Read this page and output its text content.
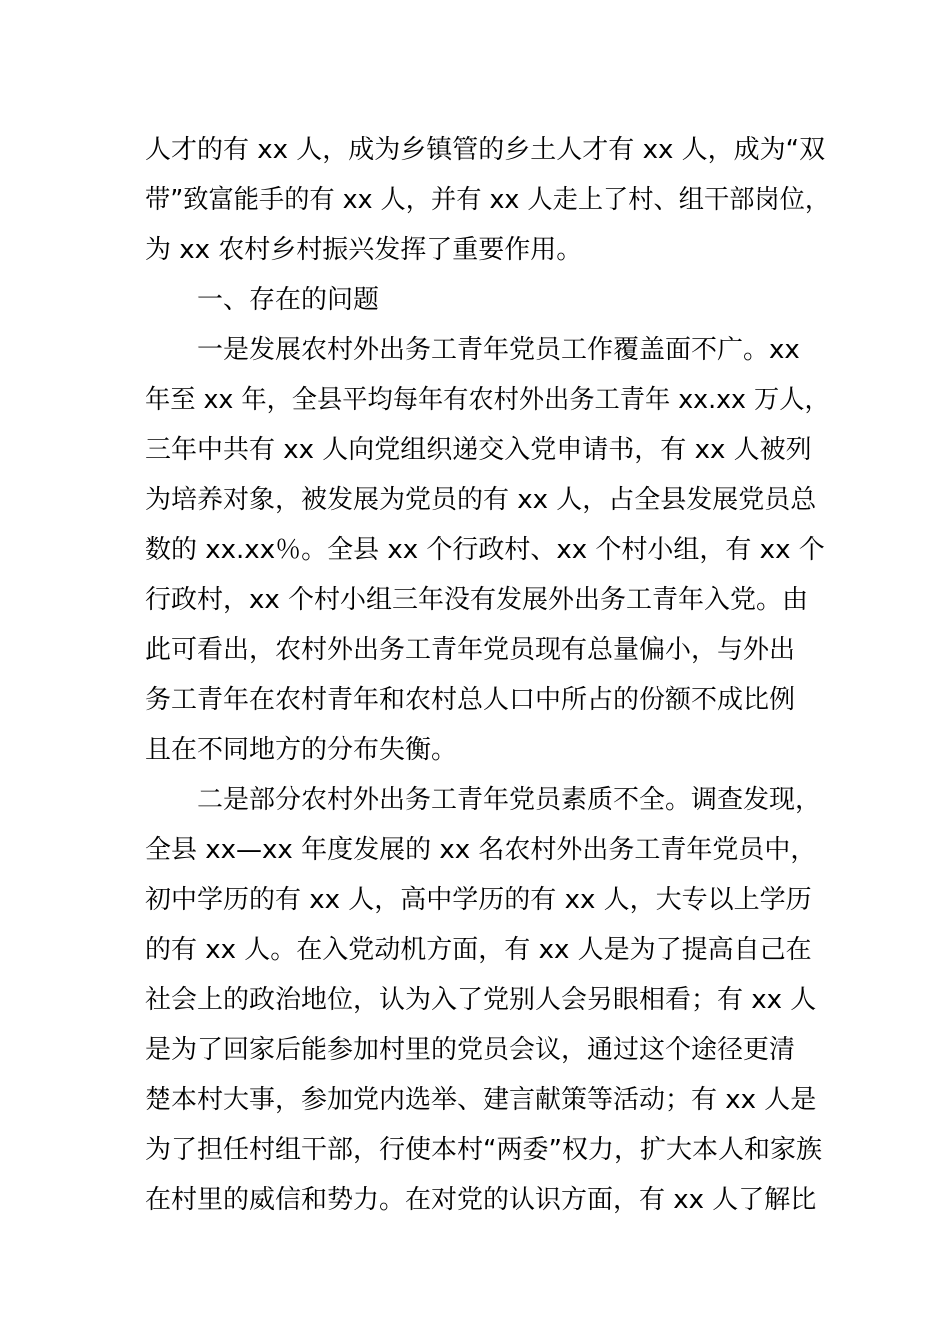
人才的有 xx 人，成为乡镇管的乡土人才有 xx 人，成为“双
带”致富能手的有 xx 人，并有 xx 人走上了村、组干部岗位，
为 xx 农村乡村振兴发挥了重要作用。
一、存在的问题
一是发展农村外出务工青年党员工作覆盖面不广。xx
年至 xx 年，全县平均每年有农村外出务工青年 xx.xx 万人，
三年中共有 xx 人向党组织递交入党申请书，有 xx 人被列
为培养对象，被发展为党员的有 xx 人，占全县发展党员总
数的 xx.xx％。全县 xx 个行政村、xx 个村小组，有 xx 个
行政村，xx 个村小组三年没有发展外出务工青年入党。由
此可看出，农村外出务工青年党员现有总量偏小，与外出
务工青年在农村青年和农村总人口中所占的份额不成比例
且在不同地方的分布失衡。
二是部分农村外出务工青年党员素质不全。调查发现，
全县 xx—xx 年度发展的 xx 名农村外出务工青年党员中，
初中学历的有 xx 人，高中学历的有 xx 人，大专以上学历
的有 xx 人。在入党动机方面，有 xx 人是为了提高自己在
社会上的政治地位，认为入了党别人会另眼相看；有 xx 人
是为了回家后能参加村里的党员会议，通过这个途径更清
楚本村大事，参加党内选举、建言献策等活动；有 xx 人是
为了担任村组干部，行使本村“两委”权力，扩大本人和家族
在村里的威信和势力。在对党的认识方面，有 xx 人了解比
